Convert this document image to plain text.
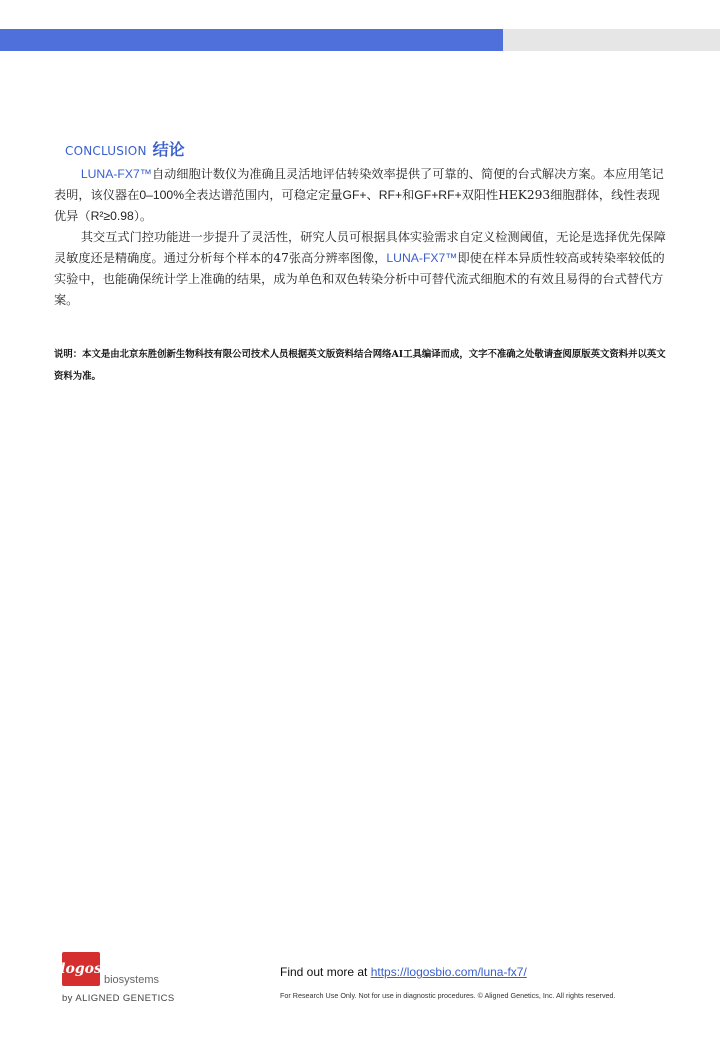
CONCLUSION 结论

LUNA-FX7™自动细胞计数仪为准确且灵活地评估转染效率提供了可靠的、简便的台式解决方案。本应用笔记表明，该仪器在0–100%全表达谱范围内，可稳定定量GF+、RF+和GF+RF+双阳性HEK293细胞群体，线性表现优异（R²≥0.98）。

其交互式门控功能进一步提升了灵活性，研究人员可根据具体实验需求自定义检测阈值，无论是选择优先保障灵敏度还是精确度。通过分析每个样本的47张高分辨率图像，LUNA-FX7™即使在样本异质性较高或转染率较低的实验中，也能确保统计学上准确的结果，成为单色和双色转染分析中可替代流式细胞术的有效且易得的台式替代方案。

说明：本文是由北京东胜创新生物科技有限公司技术人员根据英文版资料结合网络AI工具编译而成，文字不准确之处敬请查阅原版英文资料并以英文资料为准。
logos
biosystems
by ALIGNED GENETICS
Find out more at https://logosbio.com/luna-fx7/
For Research Use Only. Not for use in diagnostic procedures. © Aligned Genetics, Inc. All rights reserved.
